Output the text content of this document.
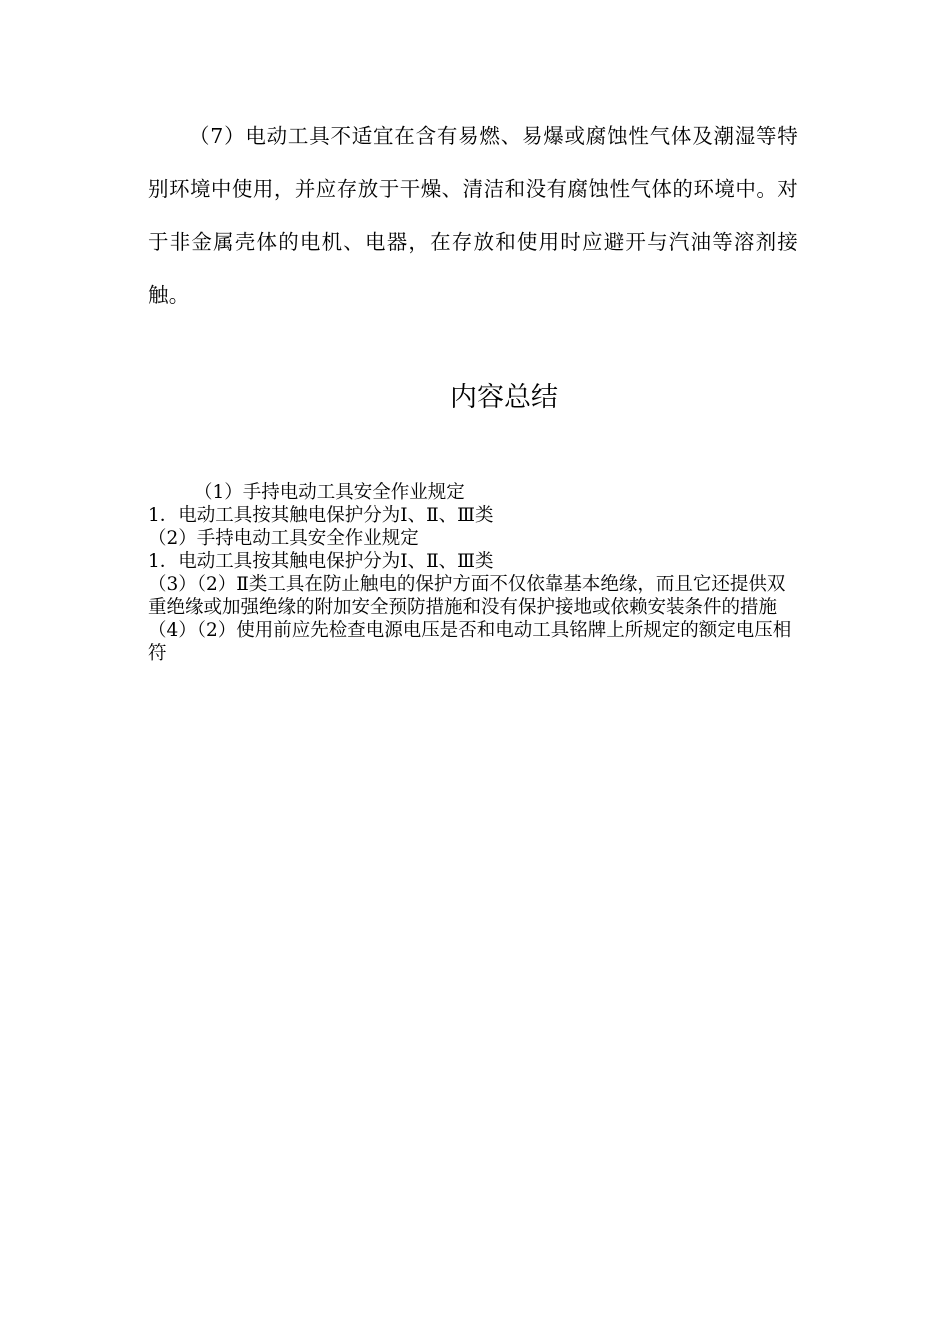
（7）电动工具不适宜在含有易燃、易爆或腐蚀性气体及潮湿等特别环境中使用，并应存放于干燥、清洁和没有腐蚀性气体的环境中。对于非金属壳体的电机、电器，在存放和使用时应避开与汽油等溶剂接触。

内容总结
（1）手持电动工具安全作业规定
1．电动工具按其触电保护分为Ⅰ、Ⅱ、Ⅲ类
（2）手持电动工具安全作业规定
1．电动工具按其触电保护分为Ⅰ、Ⅱ、Ⅲ类
（3）（2）Ⅱ类工具在防止触电的保护方面不仅依靠基本绝缘，而且它还提供双重绝缘或加强绝缘的附加安全预防措施和没有保护接地或依赖安装条件的措施
（4）（2）使用前应先检查电源电压是否和电动工具铭牌上所规定的额定电压相符
